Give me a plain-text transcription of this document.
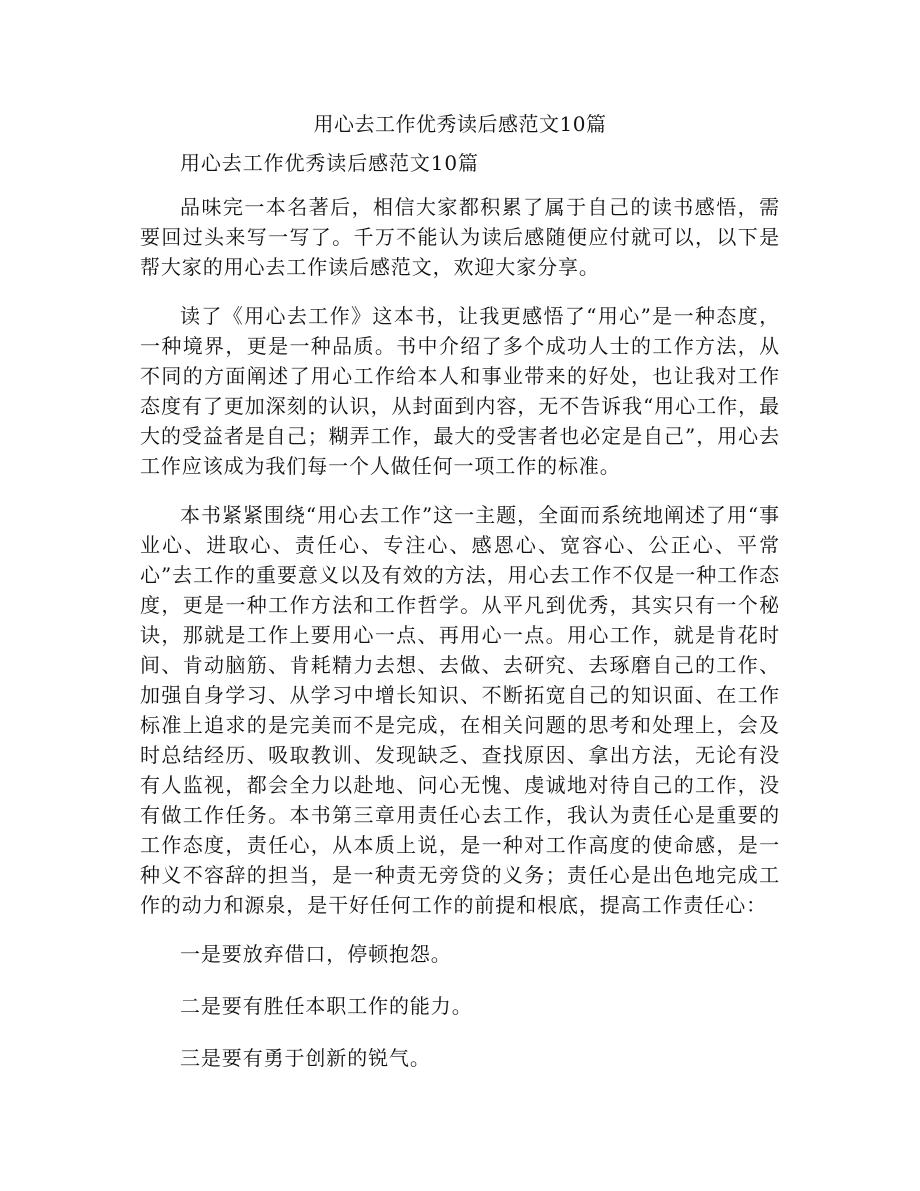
用心去工作优秀读后感范文10篇

用心去工作优秀读后感范文10篇

品味完一本名著后，相信大家都积累了属于自己的读书感悟，需要回过头来写一写了。千万不能认为读后感随便应付就可以，以下是帮大家的用心去工作读后感范文，欢迎大家分享。

读了《用心去工作》这本书，让我更感悟了“用心”是一种态度，一种境界，更是一种品质。书中介绍了多个成功人士的工作方法，从不同的方面阐述了用心工作给本人和事业带来的好处，也让我对工作态度有了更加深刻的认识，从封面到内容，无不告诉我“用心工作，最大的受益者是自己；糊弄工作，最大的受害者也必定是自己”，用心去工作应该成为我们每一个人做任何一项工作的标准。

本书紧紧围绕“用心去工作”这一主题，全面而系统地阐述了用“事业心、进取心、责任心、专注心、感恩心、宽容心、公正心、平常心”去工作的重要意义以及有效的方法，用心去工作不仅是一种工作态度，更是一种工作方法和工作哲学。从平凡到优秀，其实只有一个秘诀，那就是工作上要用心一点、再用心一点。用心工作，就是肯花时间、肯动脑筋、肯耗精力去想、去做、去研究、去琢磨自己的工作、加强自身学习、从学习中增长知识、不断拓宽自己的知识面、在工作标准上追求的是完美而不是完成，在相关问题的思考和处理上，会及时总结经历、吸取教训、发现缺乏、查找原因、拿出方法，无论有没有人监视，都会全力以赴地、问心无愧、虔诚地对待自己的工作，没有做工作任务。本书第三章用责任心去工作，我认为责任心是重要的工作态度，责任心，从本质上说，是一种对工作高度的使命感，是一种义不容辞的担当，是一种责无旁贷的义务；责任心是出色地完成工作的动力和源泉，是干好任何工作的前提和根底，提高工作责任心：

一是要放弃借口，停顿抱怨。

二是要有胜任本职工作的能力。

三是要有勇于创新的锐气。
